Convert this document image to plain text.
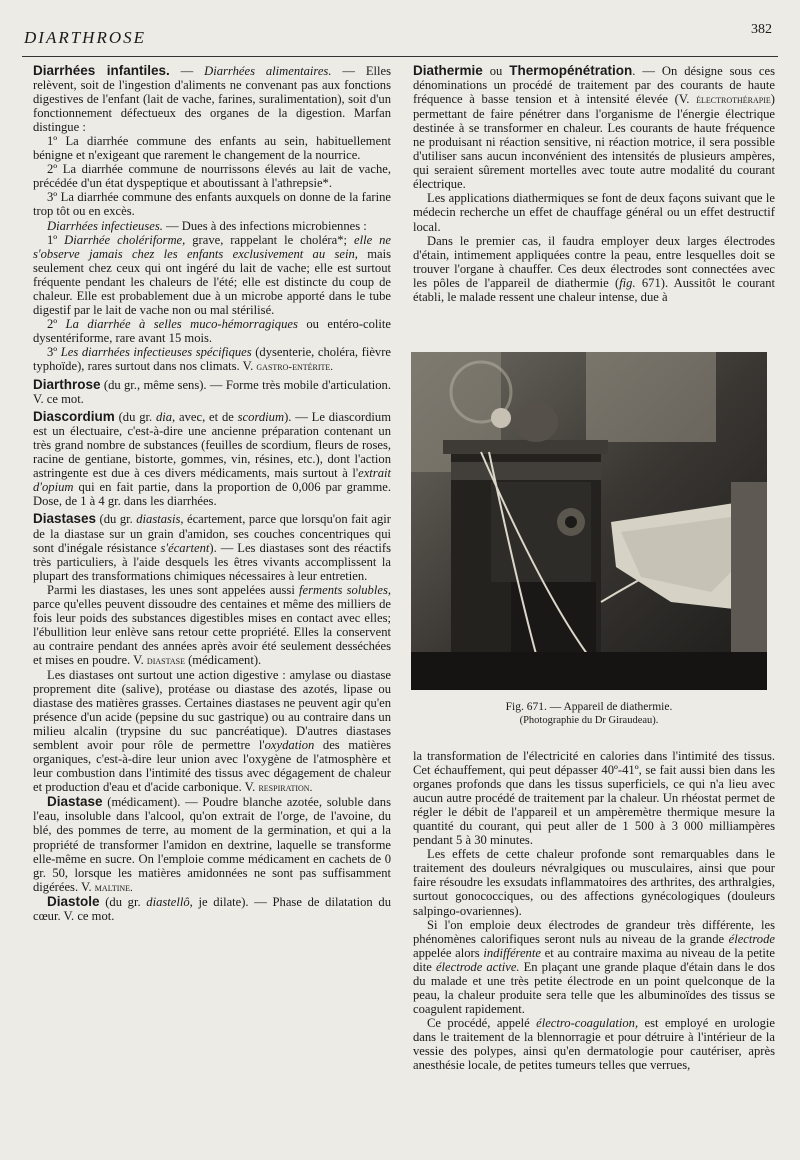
DIARTHROSE	382

Diarrhées infantiles. — Diarrhées alimentaires. — Elles relèvent, soit de l'ingestion d'aliments ne convenant pas aux fonctions digestives de l'enfant (lait de vache, farines, suralimentation), soit d'un fonctionnement défectueux des organes de la digestion. Marfan distingue :

1º La diarrhée commune des enfants au sein, habituellement bénigne et n'exigeant que rarement le changement de la nourrice.

2º La diarrhée commune de nourrissons élevés au lait de vache, précédée d'un état dyspeptique et aboutissant à l'athrepsie*.

3º La diarrhée commune des enfants auxquels on donne de la farine trop tôt ou en excès.

Diarrhées infectieuses. — Dues à des infections microbiennes :

1º Diarrhée cholériforme, grave, rappelant le choléra*; elle ne s'observe jamais chez les enfants exclusivement au sein, mais seulement chez ceux qui ont ingéré du lait de vache; elle est surtout fréquente pendant les chaleurs de l'été; elle est distincte du coup de chaleur. Elle est probablement due à un microbe apporté dans le tube digestif par le lait de vache non ou mal stérilisé.

2º La diarrhée à selles muco-hémorragiques ou entéro-colite dysentériforme, rare avant 15 mois.

3º Les diarrhées infectieuses spécifiques (dysenterie, choléra, fièvre typhoïde), rares surtout dans nos climats. V. gastro-entérite.

Diarthrose (du gr., même sens). — Forme très mobile d'articulation. V. ce mot.

Diascordium (du gr. dia, avec, et de scordium). — Le diascordium est un électuaire, c'est-à-dire une ancienne préparation contenant un très grand nombre de substances (feuilles de scordium, fleurs de roses, racine de gentiane, bistorte, gommes, vin, résines, etc.), dont l'action astringente est due à ces divers médicaments, mais surtout à l'extrait d'opium qui en fait partie, dans la proportion de 0,006 par gramme. Dose, de 1 à 4 gr. dans les diarrhées.

Diastases (du gr. diastasis, écartement, parce que lorsqu'on fait agir de la diastase sur un grain d'amidon, ses couches concentriques qui sont d'inégale résistance s'écartent). — Les diastases sont des réactifs très particuliers, à l'aide desquels les êtres vivants accomplissent la plupart des transformations chimiques nécessaires à leur entretien.

Parmi les diastases, les unes sont appelées aussi ferments solubles, parce qu'elles peuvent dissoudre des centaines et même des milliers de fois leur poids des substances digestibles mises en contact avec elles; l'ébullition leur enlève sans retour cette propriété. Elles la conservent au contraire pendant des années après avoir été seulement desséchées et mises en poudre. V. diastase (médicament).

Les diastases ont surtout une action digestive : amylase ou diastase proprement dite (salive), protéase ou diastase des azotés, lipase ou diastase des matières grasses. Certaines diastases ne peuvent agir qu'en présence d'un acide (pepsine du suc gastrique) ou au contraire dans un milieu alcalin (trypsine du suc pancréatique). D'autres diastases semblent avoir pour rôle de permettre l'oxydation des matières organiques, c'est-à-dire leur union avec l'oxygène de l'atmosphère et leur combustion dans l'intimité des tissus avec dégagement de chaleur et production d'eau et d'acide carbonique. V. respiration.

Diastase (médicament). — Poudre blanche azotée, soluble dans l'eau, insoluble dans l'alcool, qu'on extrait de l'orge, de l'avoine, du blé, des pommes de terre, au moment de la germination, et qui a la propriété de transformer l'amidon en dextrine, laquelle se transforme elle-même en sucre. On l'emploie comme médicament en cachets de 0 gr. 50, lorsque les matières amidonnées ne sont pas suffisamment digérées. V. maltine.

Diastole (du gr. diastellô, je dilate). — Phase de dilatation du cœur. V. ce mot.

Diathermie ou Thermopénétration. — On désigne sous ces dénominations un procédé de traitement par des courants de haute fréquence à basse tension et à intensité élevée (V. électrothérapie) permettant de faire pénétrer dans l'organisme de l'énergie électrique destinée à se transformer en chaleur. Les courants de haute fréquence ne produisant ni réaction sensitive, ni réaction motrice, il sera possible d'utiliser sans aucun inconvénient des intensités de plusieurs ampères, qui seraient sûrement mortelles avec toute autre modalité du courant électrique.

Les applications diathermiques se font de deux façons suivant que le médecin recherche un effet de chauffage général ou un effet destructif local.

Dans le premier cas, il faudra employer deux larges électrodes d'étain, intimement appliquées contre la peau, entre lesquelles doit se trouver l'organe à chauffer. Ces deux électrodes sont connectées avec les pôles de l'appareil de diathermie (fig. 671). Aussitôt le courant établi, le malade ressent une chaleur intense, due à

Fig. 671. — Appareil de diathermie.
(Photographie du Dr Giraudeau).

la transformation de l'électricité en calories dans l'intimité des tissus. Cet échauffement, qui peut dépasser 40º-41º, se fait aussi bien dans les organes profonds que dans les tissus superficiels, ce qui n'a lieu avec aucun autre procédé de traitement par la chaleur. Un rhéostat permet de régler le débit de l'appareil et un ampèremètre thermique mesure la quantité du courant, qui peut aller de 1 500 à 3 000 milliampères pendant 5 à 30 minutes.

Les effets de cette chaleur profonde sont remarquables dans le traitement des douleurs névralgiques ou musculaires, ainsi que pour faire résoudre les exsudats inflammatoires des arthrites, des arthralgies, surtout gonococciques, ou des affections gynécologiques (douleurs salpingo-ovariennes).

Si l'on emploie deux électrodes de grandeur très différente, les phénomènes calorifiques seront nuls au niveau de la grande électrode appelée alors indifférente et au contraire maxima au niveau de la petite dite électrode active. En plaçant une grande plaque d'étain dans le dos du malade et une très petite électrode en un point quelconque de la peau, la chaleur produite sera telle que les albuminoïdes des tissus se coagulent rapidement.

Ce procédé, appelé électro-coagulation, est employé en urologie dans le traitement de la blennorragie et pour détruire à l'intérieur de la vessie des polypes, ainsi qu'en dermatologie pour cautériser, après anesthésie locale, de petites tumeurs telles que verrues,
